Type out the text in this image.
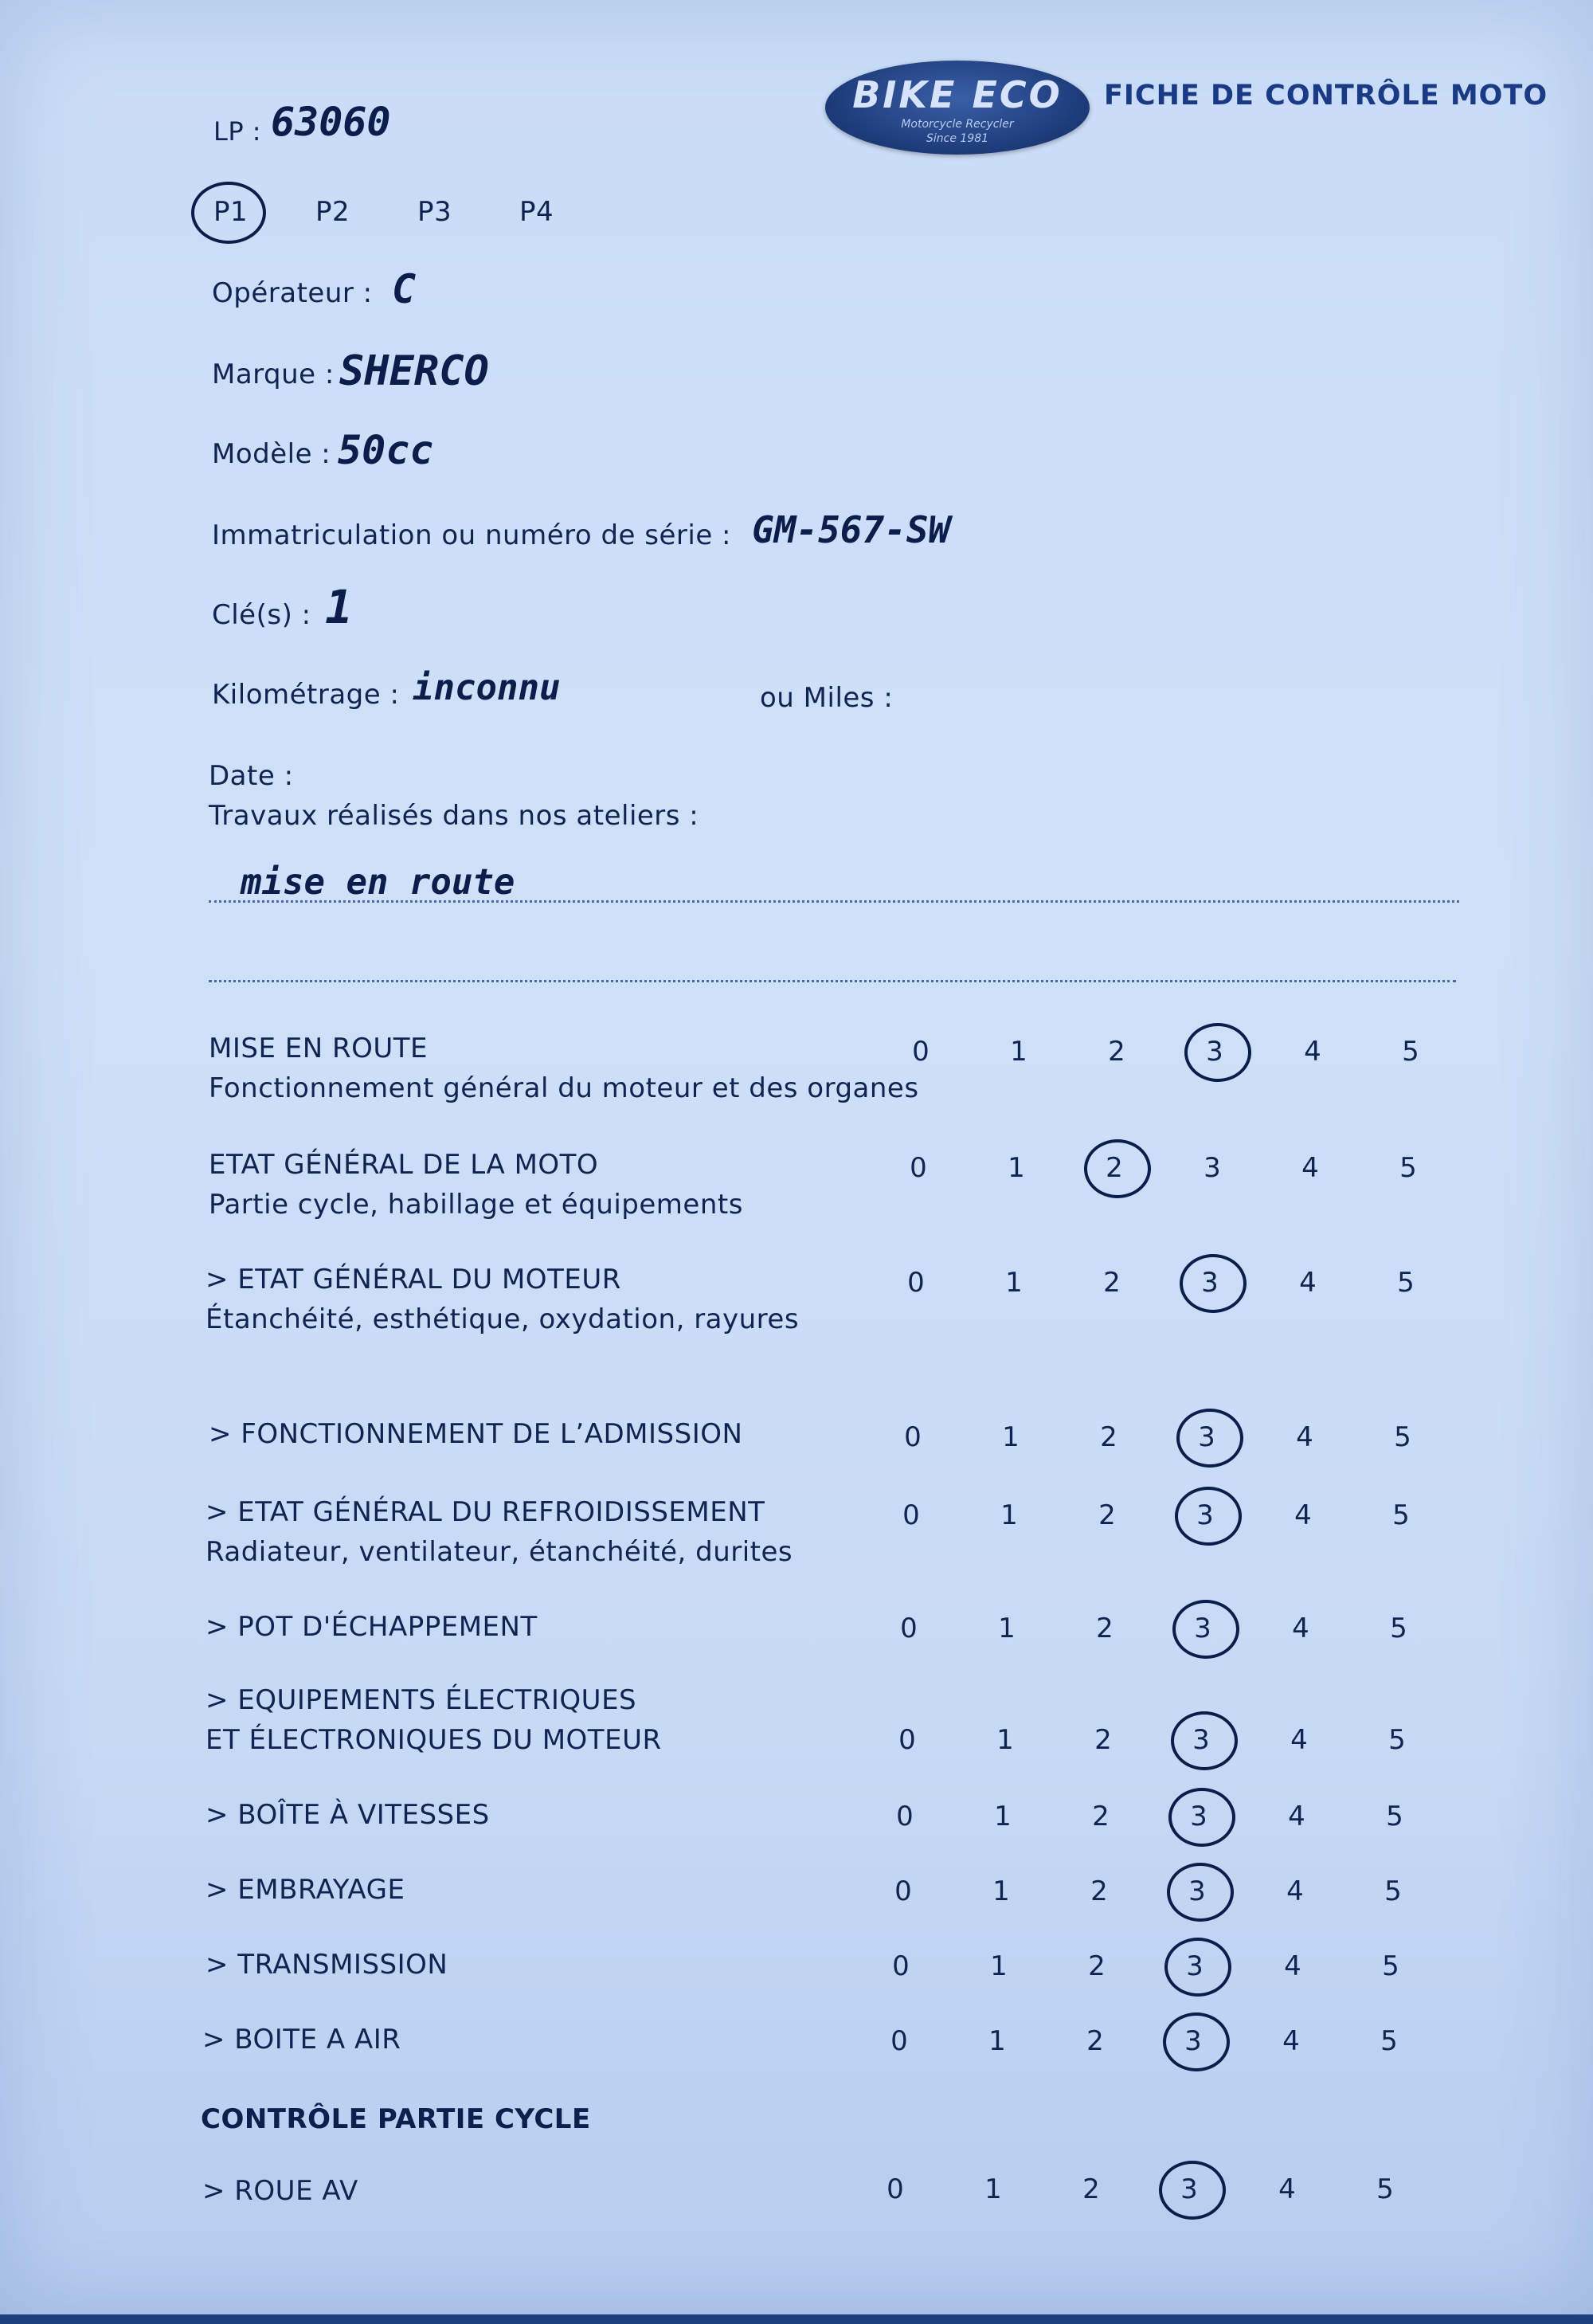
LP : 63060
BIKE ECO
Motorcycle Recycler
Since 1981
FICHE DE CONTRÔLE MOTO
P1 P2 P3 P4
Opérateur : C
Marque : SHERCO
Modèle : 50cc
Immatriculation ou numéro de série : GM-567-SW
Clé(s) : 1
Kilométrage : inconnu	ou Miles :
Date :
Travaux réalisés dans nos ateliers :
mise en route
MISE EN ROUTE
Fonctionnement général du moteur et des organes
0	1	2	3	4	5
ETAT GÉNÉRAL DE LA MOTO
Partie cycle, habillage et équipements
0	1	2	3	4	5
> ETAT GÉNÉRAL DU MOTEUR
Étanchéité, esthétique, oxydation, rayures
0	1	2	3	4	5
> FONCTIONNEMENT DE L’ADMISSION	0	1	2	3	4	5
> ETAT GÉNÉRAL DU REFROIDISSEMENT
Radiateur, ventilateur, étanchéité, durites
0	1	2	3	4	5
> POT D'ÉCHAPPEMENT	0	1	2	3	4	5
> EQUIPEMENTS ÉLECTRIQUES
ET ÉLECTRONIQUES DU MOTEUR	0	1	2	3	4	5
> BOÎTE À VITESSES	0	1	2	3	4	5
> EMBRAYAGE	0	1	2	3	4	5
> TRANSMISSION	0	1	2	3	4	5
> BOITE A AIR	0	1	2	3	4	5
CONTRÔLE PARTIE CYCLE
> ROUE AV	0	1	2	3	4	5
